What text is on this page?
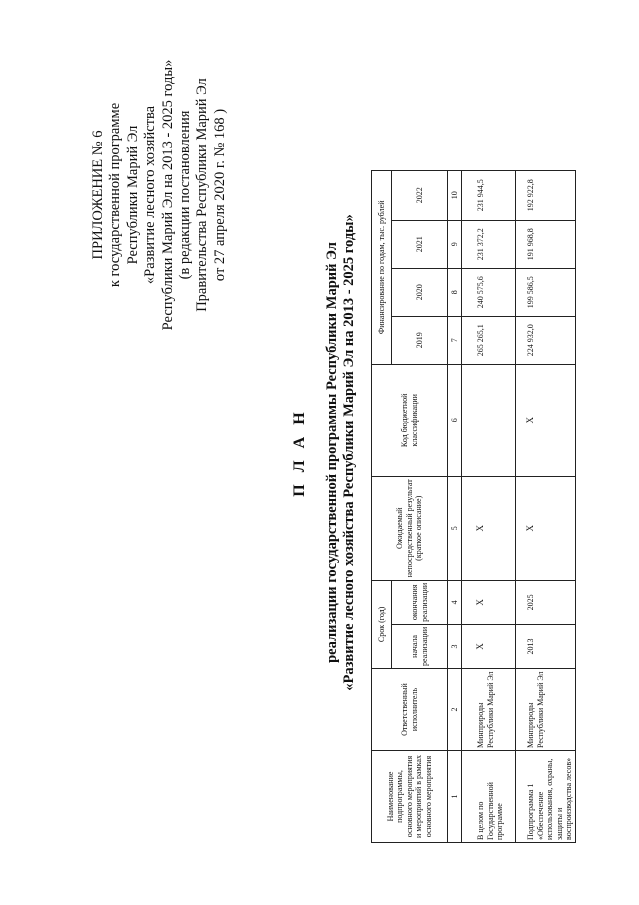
ПРИЛОЖЕНИЕ № 6 к государственной программе Республики Марий Эл «Развитие лесного хозяйства Республики Марий Эл на 2013 - 2025 годы» (в редакции постановления Правительства Республики Марий Эл от 27 апреля 2020 г. № 168 )
П Л А Н реализации государственной программы Республики Марий Эл «Развитие лесного хозяйства Республики Марий Эл на 2013 - 2025 годы»
Наименование подпрограммы, основного мероприятия и мероприятий в рамках основного мероприятия	Ответственный исполнитель	Срок (год)		Ожидаемый непосредственный результат (краткое описание)	Код бюджетной классификации	Финансирование по годам, тыс. рублей			
		начала реализации	окончания реализации			2019	2020	2021	2022
1	2	3	4	5	6	7	8	9	10
В целом по Государственной программе	Минприроды Республики Марий Эл	X	X	X		265 265,1	240 575,6	231 372,2	231 944,5
Подпрограмма 1 «Обеспечение использования, охраны, защиты и воспроизводства лесов»	Минприроды Республики Марий Эл	2013	2025	X	X	224 932,0	199 586,5	191 968,8	192 922,8
